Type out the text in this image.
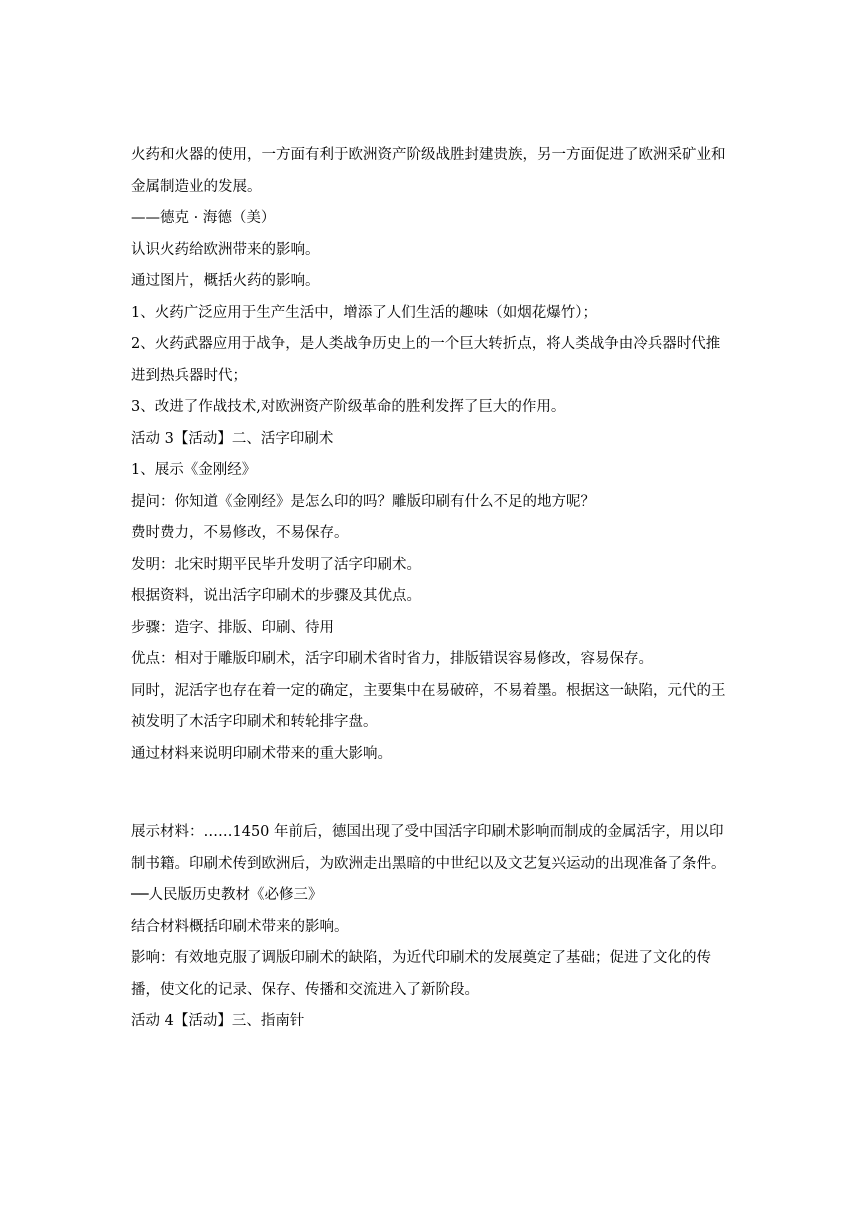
火药和火器的使用，一方面有利于欧洲资产阶级战胜封建贵族，另一方面促进了欧洲采矿业和金属制造业的发展。

——德克 · 海德（美）

认识火药给欧洲带来的影响。

通过图片，概括火药的影响。

1、火药广泛应用于生产生活中，增添了人们生活的趣味（如烟花爆竹）；

2、火药武器应用于战争，是人类战争历史上的一个巨大转折点，将人类战争由冷兵器时代推进到热兵器时代；

3、改进了作战技术,对欧洲资产阶级革命的胜利发挥了巨大的作用。

活动 3【活动】二、活字印刷术

1、展示《金刚经》

提问：你知道《金刚经》是怎么印的吗？雕版印刷有什么不足的地方呢？

费时费力，不易修改，不易保存。

发明：北宋时期平民毕升发明了活字印刷术。

根据资料，说出活字印刷术的步骤及其优点。

步骤：造字、排版、印刷、待用

优点：相对于雕版印刷术，活字印刷术省时省力，排版错误容易修改，容易保存。

同时，泥活字也存在着一定的确定，主要集中在易破碎，不易着墨。根据这一缺陷，元代的王祯发明了木活字印刷术和转轮排字盘。

通过材料来说明印刷术带来的重大影响。

展示材料：……1450 年前后，德国出现了受中国活字印刷术影响而制成的金属活字，用以印制书籍。印刷术传到欧洲后，为欧洲走出黑暗的中世纪以及文艺复兴运动的出现准备了条件。

──人民版历史教材《必修三》

结合材料概括印刷术带来的影响。

影响：有效地克服了调版印刷术的缺陷，为近代印刷术的发展奠定了基础；促进了文化的传播，使文化的记录、保存、传播和交流进入了新阶段。

活动 4【活动】三、指南针
